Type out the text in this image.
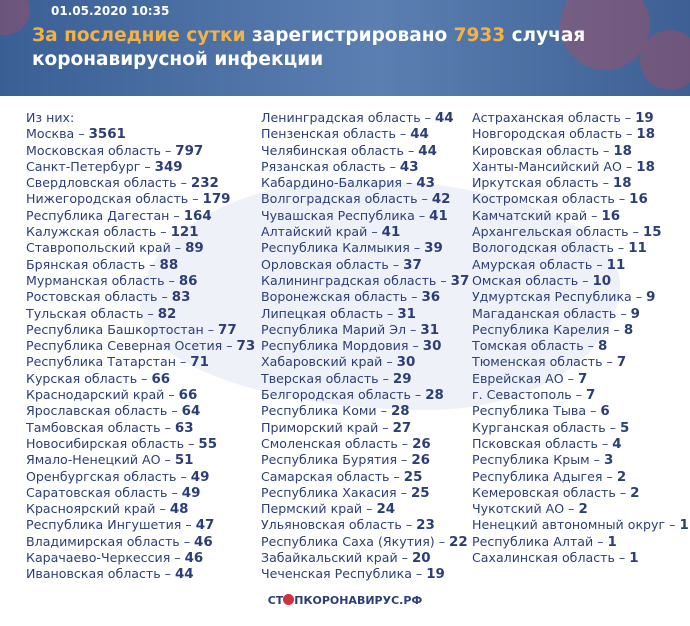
01.05.2020 10:35
За последние сутки зарегистрировано 7933 случая коронавирусной инфекции
Из них:
Москва – 3561
Московская область – 797
Санкт-Петербург – 349
Свердловская область – 232
Нижегородская область – 179
Республика Дагестан – 164
Калужская область – 121
Ставропольский край – 89
Брянская область – 88
Мурманская область – 86
Ростовская область – 83
Тульская область – 82
Республика Башкортостан – 77
Республика Северная Осетия – 73
Республика Татарстан – 71
Курская область – 66
Краснодарский край – 66
Ярославская область – 64
Тамбовская область – 63
Новосибирская область – 55
Ямало-Ненецкий АО – 51
Оренбургская область – 49
Саратовская область – 49
Красноярский край – 48
Республика Ингушетия – 47
Владимирская область – 46
Карачаево-Черкессия – 46
Ивановская область – 44
Ленинградская область – 44
Пензенская область – 44
Челябинская область – 44
Рязанская область – 43
Кабардино-Балкария – 43
Волгоградская область – 42
Чувашская Республика – 41
Алтайский край – 41
Республика Калмыкия – 39
Орловская область – 37
Калининградская область – 37
Воронежская область – 36
Липецкая область – 31
Республика Марий Эл – 31
Республика Мордовия – 30
Хабаровский край – 30
Тверская область – 29
Белгородская область – 28
Республика Коми – 28
Приморский край – 27
Смоленская область – 26
Республика Бурятия – 26
Самарская область – 25
Республика Хакасия – 25
Пермский край – 24
Ульяновская область – 23
Республика Саха (Якутия) – 22
Забайкальский край – 20
Чеченская Республика – 19
Астраханская область – 19
Новгородская область – 18
Кировская область – 18
Ханты-Мансийский АО – 18
Иркутская область – 18
Костромская область – 16
Камчатский край – 16
Архангельская область – 15
Вологодская область – 11
Амурская область – 11
Омская область – 10
Удмуртская Республика – 9
Магаданская область – 9
Республика Карелия – 8
Томская область – 8
Тюменская область – 7
Еврейская АО – 7
г. Севастополь – 7
Республика Тыва – 6
Курганская область – 5
Псковская область – 4
Республика Крым – 3
Республика Адыгея – 2
Кемеровская область – 2
Чукотский АО – 2
Ненецкий автономный округ – 1
Республика Алтай – 1
Сахалинская область – 1
СТ ПКОРОНАВИРУС.РФ
